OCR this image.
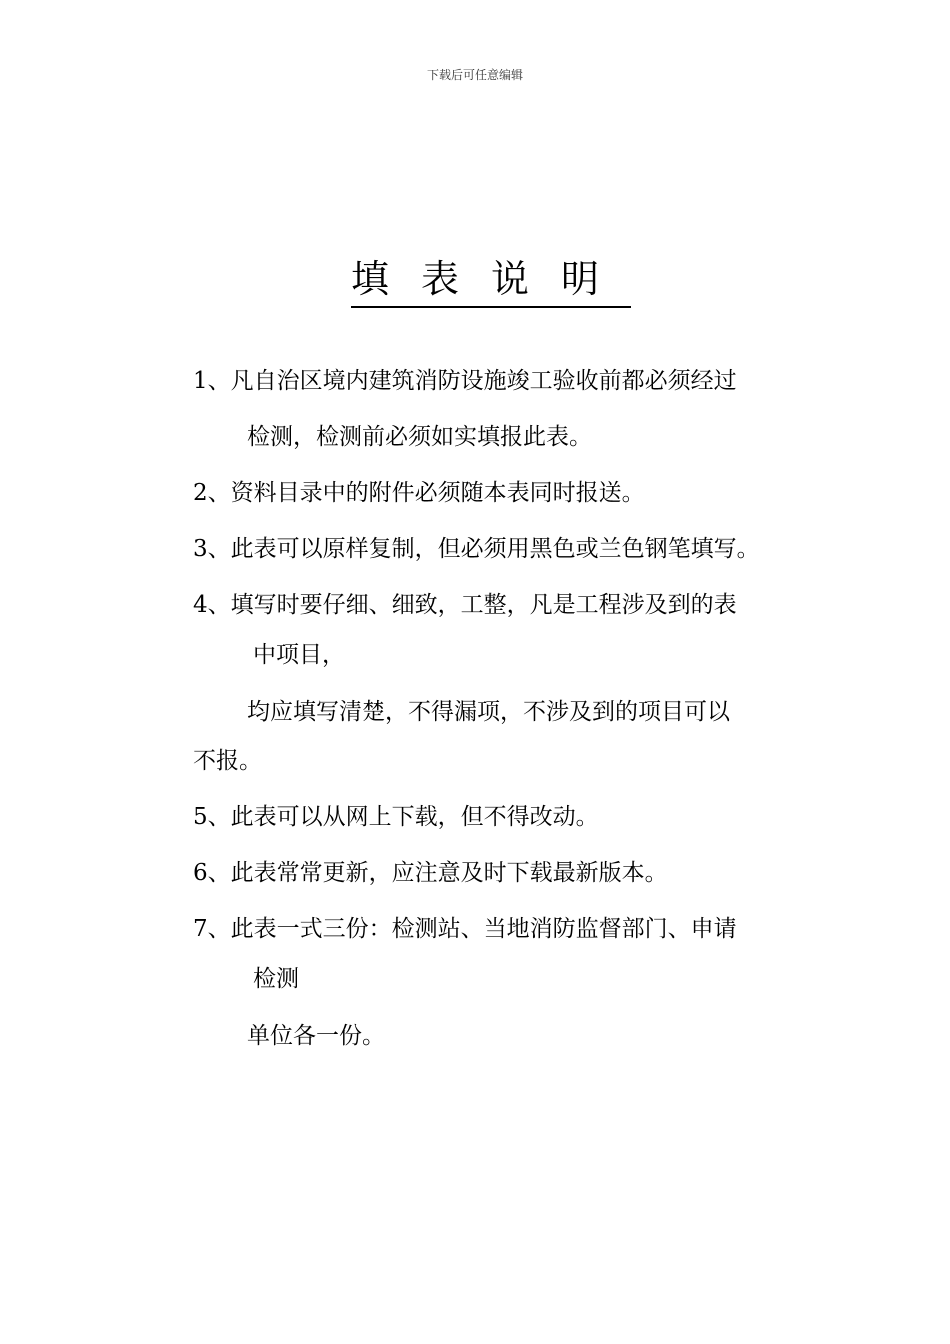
下载后可任意编辑
填表说明
1、凡自治区境内建筑消防设施竣工验收前都必须经过
检测，检测前必须如实填报此表。
2、资料目录中的附件必须随本表同时报送。
3、此表可以原样复制，但必须用黑色或兰色钢笔填写。
4、填写时要仔细、细致，工整，凡是工程涉及到的表
中项目，
均应填写清楚，不得漏项，不涉及到的项目可以
不报。
5、此表可以从网上下载，但不得改动。
6、此表常常更新，应注意及时下载最新版本。
7、此表一式三份：检测站、当地消防监督部门、申请
检测
单位各一份。
